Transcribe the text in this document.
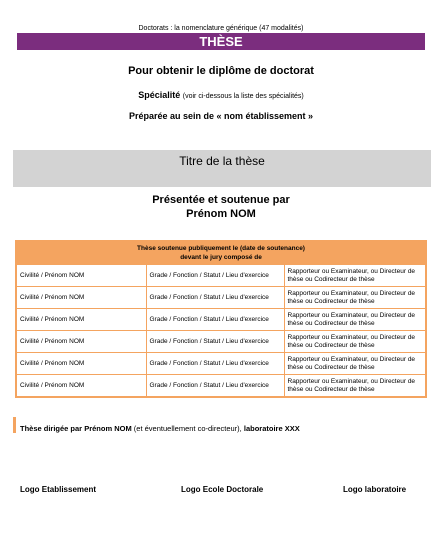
Doctorats : la nomenclature générique (47 modalités)
THÈSE
Pour obtenir le diplôme de doctorat
Spécialité (voir ci-dessous la liste des spécialités)
Préparée au sein de « nom établissement »
Titre de la thèse
Présentée et soutenue par
Prénom NOM
Thèse soutenue publiquement le (date de soutenance)
devant le jury composé de		
Civilité / Prénom NOM	Grade / Fonction / Statut / Lieu d'exercice	Rapporteur ou Examinateur, ou Directeur de
thèse ou Codirecteur de thèse
Civilité / Prénom NOM	Grade / Fonction / Statut / Lieu d'exercice	Rapporteur ou Examinateur, ou Directeur de
thèse ou Codirecteur de thèse
Civilité / Prénom NOM	Grade / Fonction / Statut / Lieu d'exercice	Rapporteur ou Examinateur, ou Directeur de
thèse ou Codirecteur de thèse
Civilité / Prénom NOM	Grade / Fonction / Statut / Lieu d'exercice	Rapporteur ou Examinateur, ou Directeur de
thèse ou Codirecteur de thèse
Civilité / Prénom NOM	Grade / Fonction / Statut / Lieu d'exercice	Rapporteur ou Examinateur, ou Directeur de
thèse ou Codirecteur de thèse
Civilité / Prénom NOM	Grade / Fonction / Statut / Lieu d'exercice	Rapporteur ou Examinateur, ou Directeur de
thèse ou Codirecteur de thèse
Thèse dirigée par Prénom NOM (et éventuellement co-directeur), laboratoire XXX
Logo Etablissement	Logo Ecole Doctorale	Logo laboratoire
